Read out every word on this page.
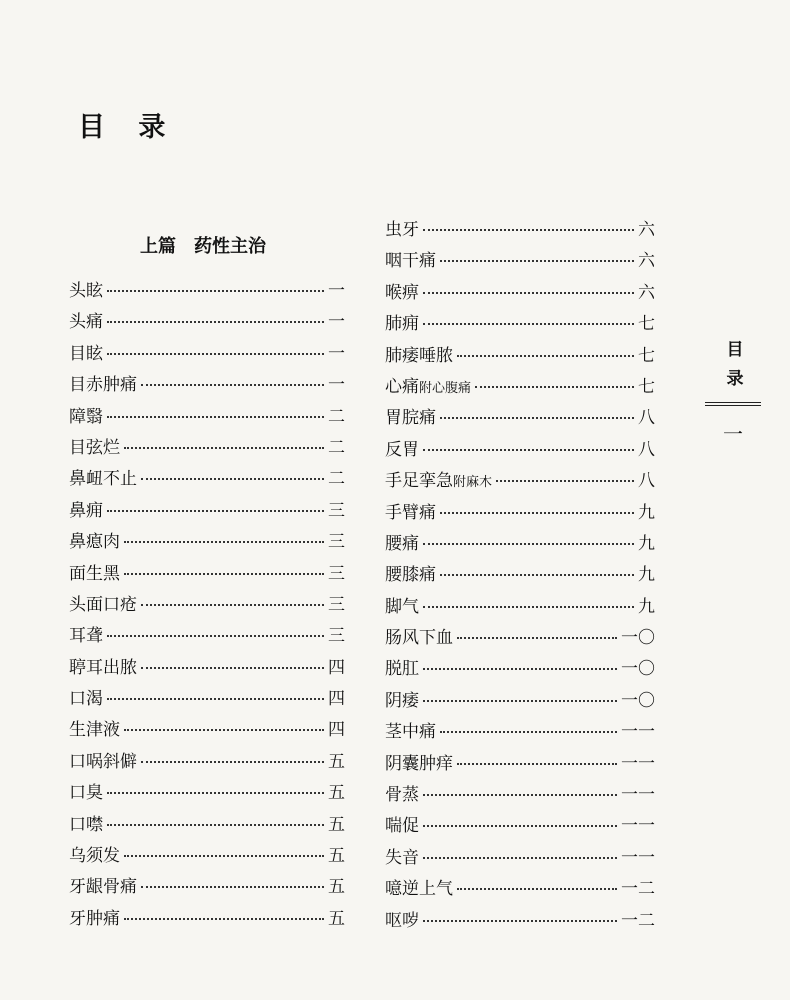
目 录
上篇　药性主治
头眩	一
头痛	一
目眩	一
目赤肿痛	一
障翳	二
目弦烂	二
鼻衄不止	二
鼻痈	三
鼻瘜肉	三
面生黑	三
头面口疮	三
耳聋	三
聤耳出脓	四
口渴	四
生津液	四
口㖞斜僻	五
口臭	五
口噤	五
乌须发	五
牙龈骨痛	五
牙肿痛	五
虫牙	六
咽干痛	六
喉痹	六
肺痈	七
肺痿唾脓	七
心痛 附心腹痛	七
胃脘痛	八
反胃	八
手足挛急 附麻木	八
手臂痛	九
腰痛	九
腰膝痛	九
脚气	九
肠风下血	一〇
脱肛	一〇
阴痿	一〇
茎中痛	一一
阴囊肿痒	一一
骨蒸	一一
喘促	一一
失音	一一
噫逆上气	一二
呕哕	一二
目录
一
